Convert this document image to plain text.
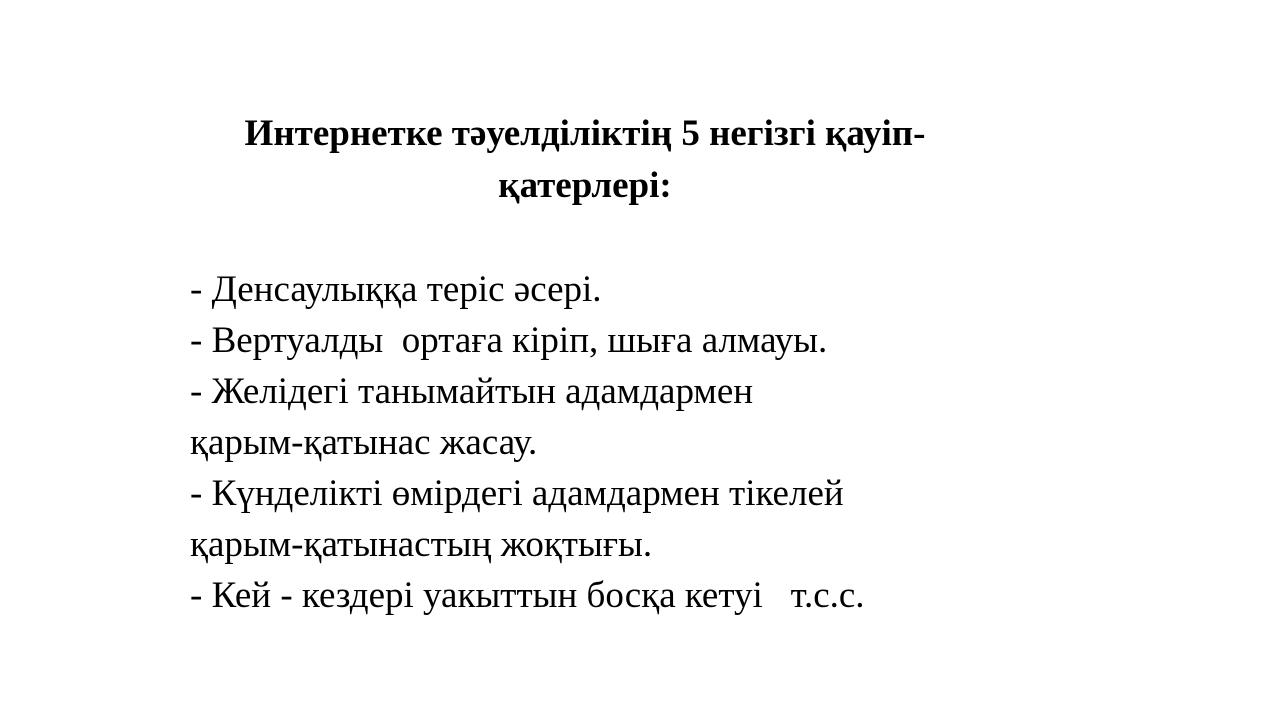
Интернетке тәуелділіктің 5 негізгі қауіп-
қатерлері:
- Денсаулыққа теріс әсері.
- Вертуалды  ортаға кіріп, шыға алмауы.
- Желідегі танымайтын адамдармен
қарым-қатынас жасау.
- Күнделікті өмірдегі адамдармен тікелей
қарым-қатынастың жоқтығы.
- Кей - кездері уакыттын босқа кетуі   т.с.с.
